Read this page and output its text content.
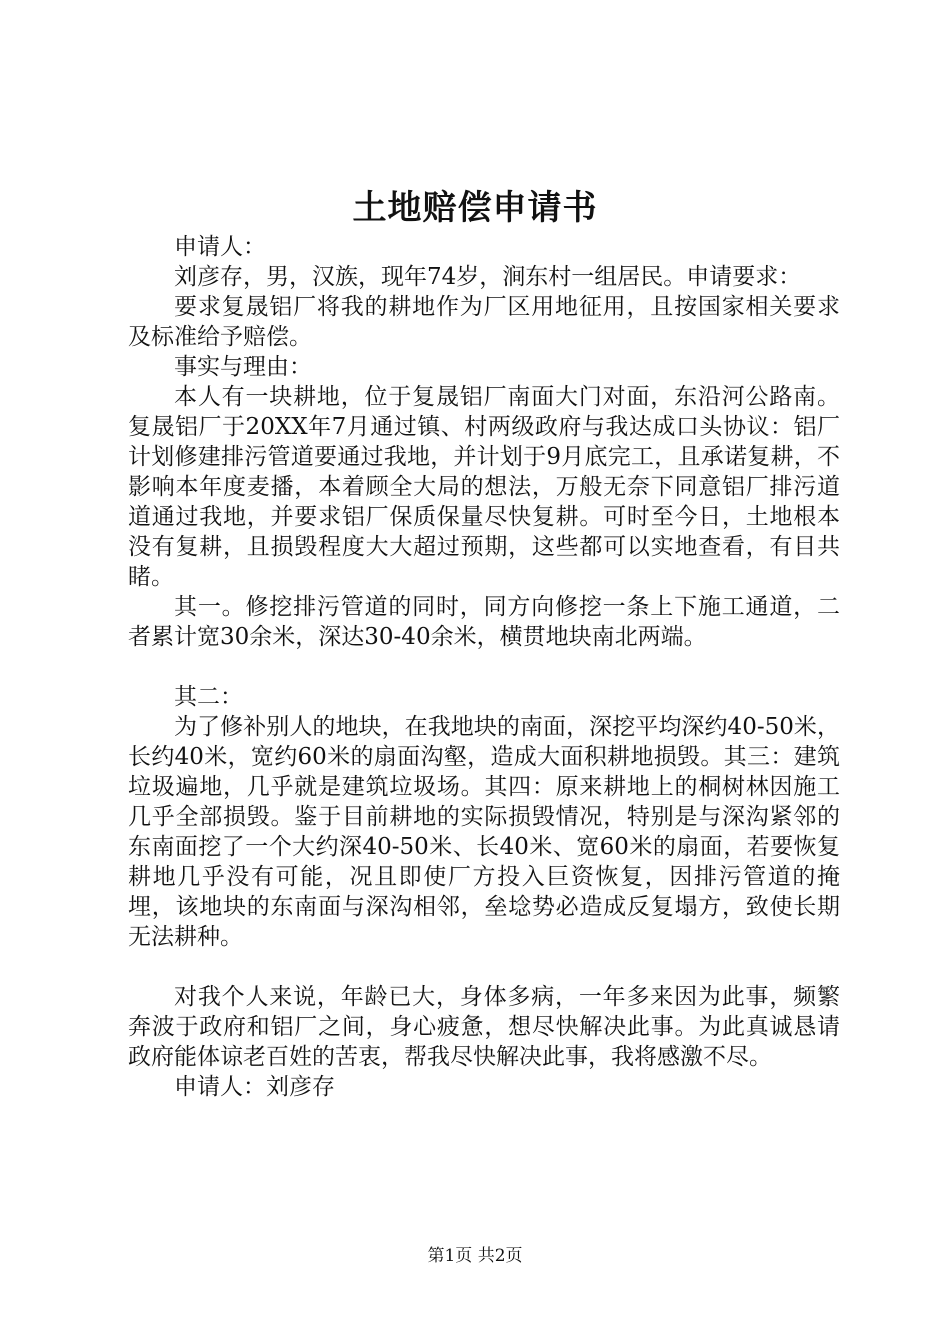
土地赔偿申请书

申请人：

刘彦存，男，汉族，现年74岁，涧东村一组居民。申请要求：

要求复晟铝厂将我的耕地作为厂区用地征用，且按国家相关要求及标准给予赔偿。

事实与理由：

本人有一块耕地，位于复晟铝厂南面大门对面，东沿河公路南。复晟铝厂于20XX年7月通过镇、村两级政府与我达成口头协议：铝厂计划修建排污管道要通过我地，并计划于9月底完工，且承诺复耕，不影响本年度麦播，本着顾全大局的想法，万般无奈下同意铝厂排污道道通过我地，并要求铝厂保质保量尽快复耕。可时至今日，土地根本没有复耕，且损毁程度大大超过预期，这些都可以实地查看，有目共睹。

其一。修挖排污管道的同时，同方向修挖一条上下施工通道，二者累计宽30余米，深达30-40余米，横贯地块南北两端。

其二：

为了修补别人的地块，在我地块的南面，深挖平均深约40-50米，长约40米，宽约60米的扇面沟壑，造成大面积耕地损毁。其三：建筑垃圾遍地，几乎就是建筑垃圾场。其四：原来耕地上的桐树林因施工几乎全部损毁。鉴于目前耕地的实际损毁情况，特别是与深沟紧邻的东南面挖了一个大约深40-50米、长40米、宽60米的扇面，若要恢复耕地几乎没有可能，况且即使厂方投入巨资恢复，因排污管道的掩埋，该地块的东南面与深沟相邻，垒埝势必造成反复塌方，致使长期无法耕种。

对我个人来说，年龄已大，身体多病，一年多来因为此事，频繁奔波于政府和铝厂之间，身心疲惫，想尽快解决此事。为此真诚恳请政府能体谅老百姓的苦衷，帮我尽快解决此事，我将感激不尽。

申请人：刘彦存

第1页 共2页
